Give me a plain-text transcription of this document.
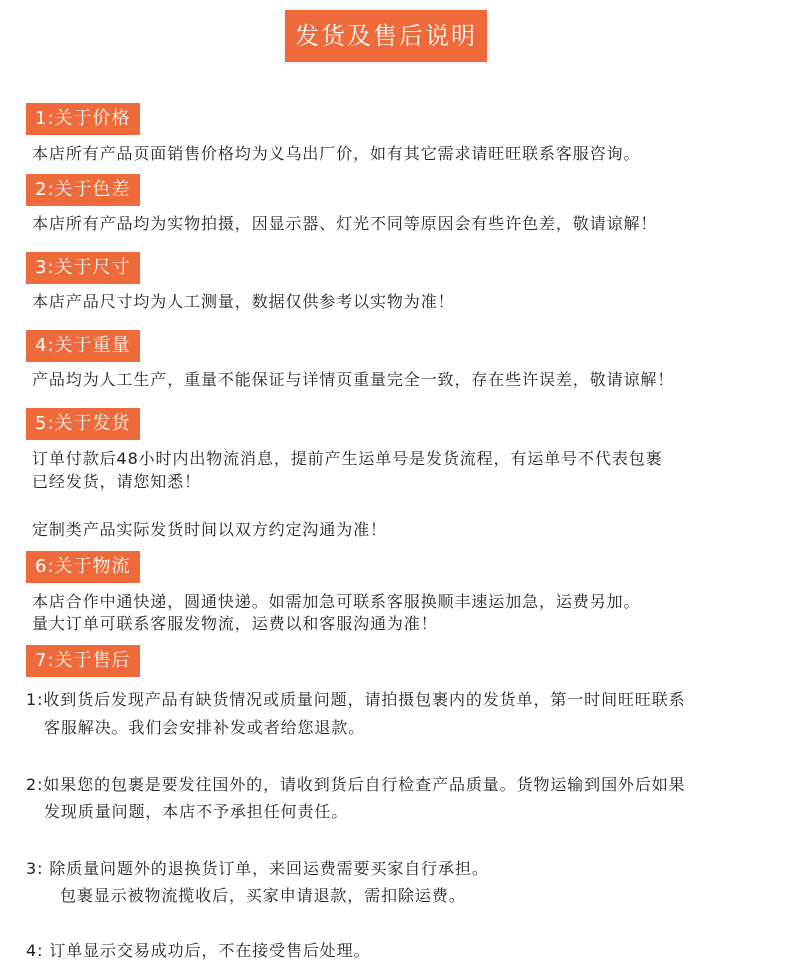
发货及售后说明
1:关于价格
本店所有产品页面销售价格均为义乌出厂价，如有其它需求请旺旺联系客服咨询。
2:关于色差
本店所有产品均为实物拍摄，因显示器、灯光不同等原因会有些许色差，敬请谅解！
3:关于尺寸
本店产品尺寸均为人工测量，数据仅供参考以实物为准！
4:关于重量
产品均为人工生产，重量不能保证与详情页重量完全一致，存在些许误差，敬请谅解！
5:关于发货
订单付款后48小时内出物流消息，提前产生运单号是发货流程，有运单号不代表包裹
已经发货，请您知悉！
定制类产品实际发货时间以双方约定沟通为准！
6:关于物流
本店合作中通快递，圆通快递。如需加急可联系客服换顺丰速运加急，运费另加。
量大订单可联系客服发物流，运费以和客服沟通为准！
7:关于售后
1:收到货后发现产品有缺货情况或质量问题，请拍摄包裹内的发货单，第一时间旺旺联系
客服解决。我们会安排补发或者给您退款。
2:如果您的包裹是要发往国外的，请收到货后自行检查产品质量。货物运输到国外后如果
发现质量问题，本店不予承担任何责任。
3: 除质量问题外的退换货订单，来回运费需要买家自行承担。
包裹显示被物流揽收后，买家申请退款，需扣除运费。
4: 订单显示交易成功后，不在接受售后处理。
